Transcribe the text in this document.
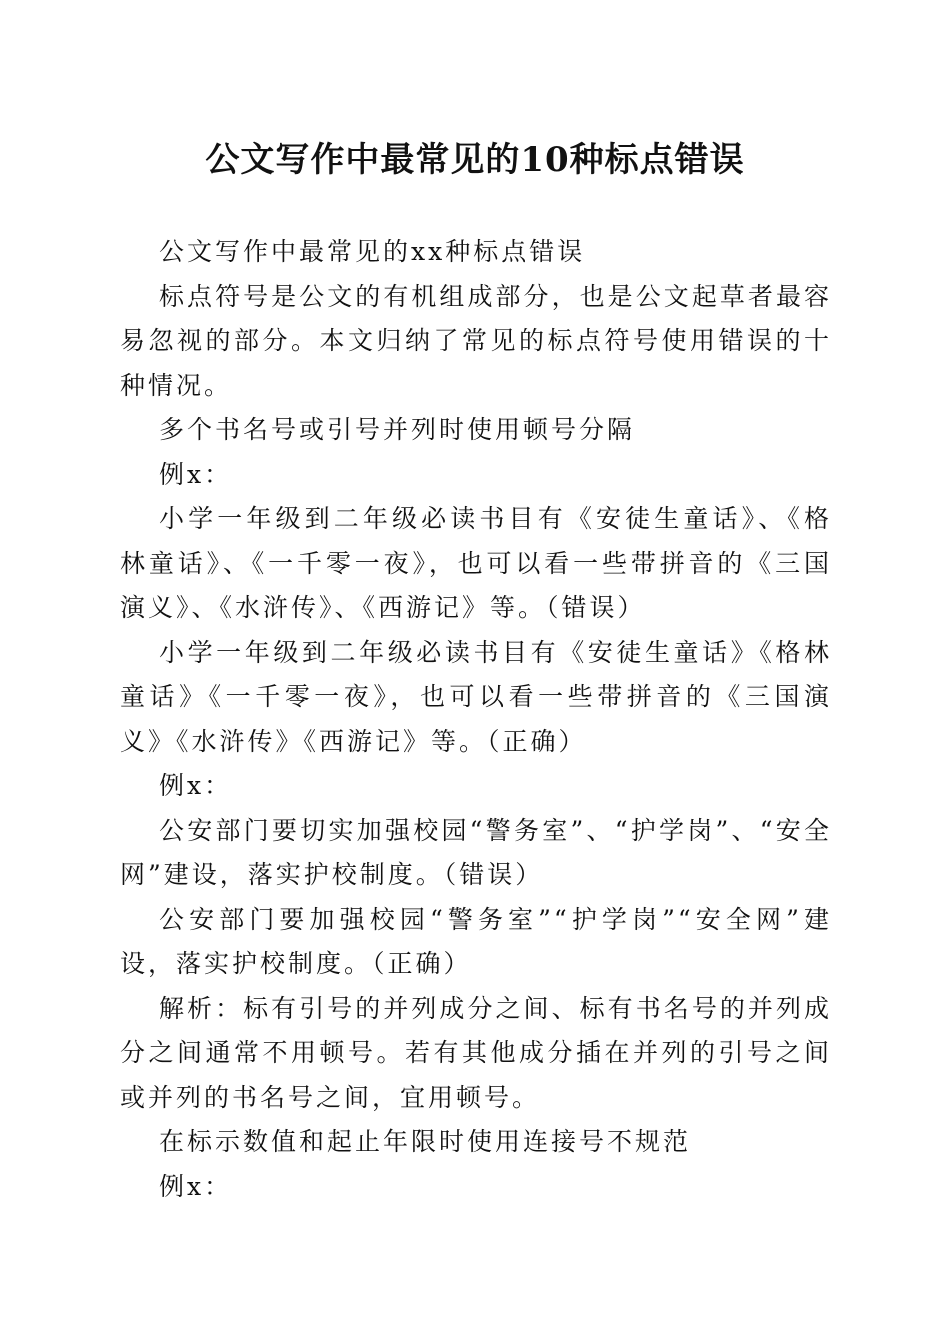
公文写作中最常见的10种标点错误

公文写作中最常见的xx种标点错误

标点符号是公文的有机组成部分，也是公文起草者最容易忽视的部分。本文归纳了常见的标点符号使用错误的十种情况。

多个书名号或引号并列时使用顿号分隔

例x：

小学一年级到二年级必读书目有《安徒生童话》、《格林童话》、《一千零一夜》，也可以看一些带拼音的《三国演义》、《水浒传》、《西游记》等。（错误）

小学一年级到二年级必读书目有《安徒生童话》《格林童话》《一千零一夜》，也可以看一些带拼音的《三国演义》《水浒传》《西游记》等。（正确）

例x：

公安部门要切实加强校园“警务室”、“护学岗”、“安全网”建设，落实护校制度。（错误）

公安部门要加强校园“警务室”“护学岗”“安全网”建设，落实护校制度。（正确）

解析：标有引号的并列成分之间、标有书名号的并列成分之间通常不用顿号。若有其他成分插在并列的引号之间或并列的书名号之间，宜用顿号。

在标示数值和起止年限时使用连接号不规范

例x：
